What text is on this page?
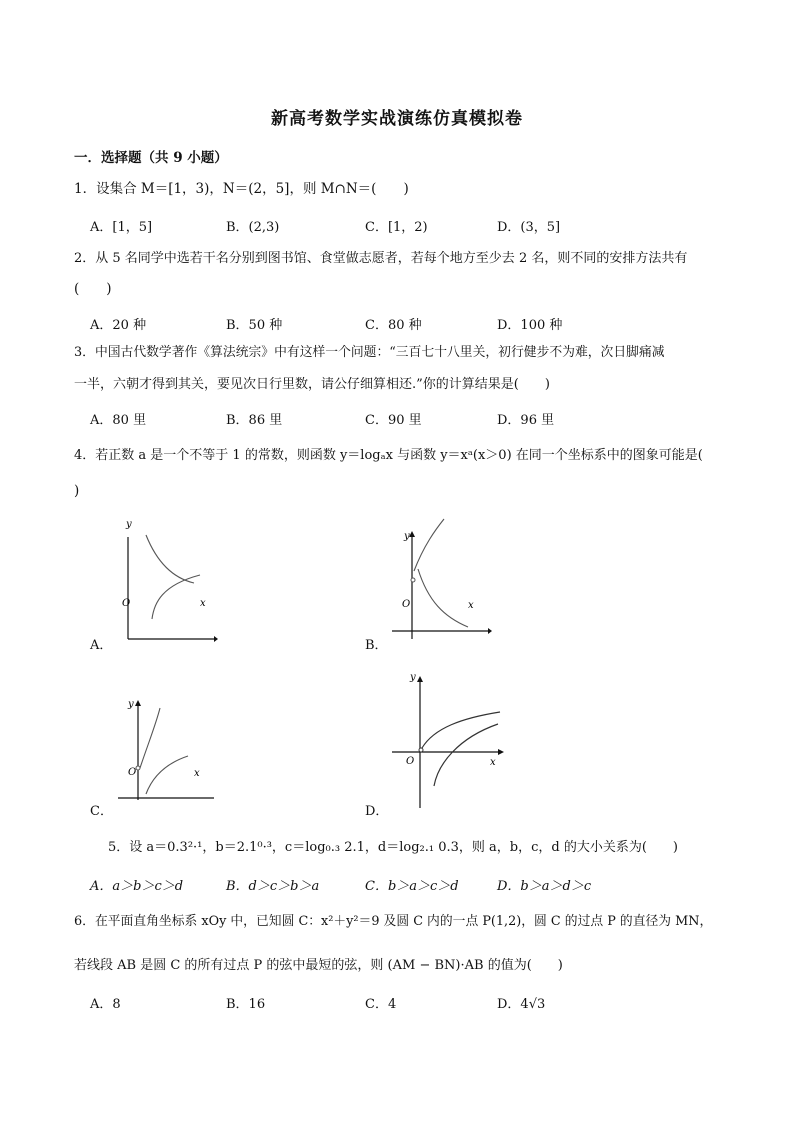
新高考数学实战演练仿真模拟卷
一．选择题（共 9 小题）
1．设集合 M＝[1，3)，N＝(2，5]，则 M∩N＝(　　)
A．[1，5]	B．(2,3)	C．[1，2)	D．(3，5]
2．从 5 名同学中选若干名分别到图书馆、食堂做志愿者，若每个地方至少去 2 名，则不同的安排方法共有
(　　)
A．20 种	B．50 种	C．80 种	D．100 种
3．中国古代数学著作《算法统宗》中有这样一个问题：“三百七十八里关，初行健步不为难，次日脚痛减
一半，六朝才得到其关，要见次日行里数，请公仔细算相还.”你的计算结果是(　　)
A．80 里	B．86 里	C．90 里	D．96 里
4．若正数 a 是一个不等于 1 的常数，则函数 y＝logₐx 与函数 y＝xᵃ(x＞0) 在同一个坐标系中的图象可能是(
)
y
O	x
A．
y
O	x
B．
y
O	x
C．
y
O	x
D．
5．设 a＝0.3²·¹，b＝2.1⁰·³，c＝log₀.₃ 2.1，d＝log₂.₁ 0.3，则 a，b，c，d 的大小关系为(　　)
A．a＞b＞c＞d	B．d＞c＞b＞a	C．b＞a＞c＞d	D．b＞a＞d＞c
6．在平面直角坐标系 xOy 中，已知圆 C：x²＋y²＝9 及圆 C 内的一点 P(1,2)，圆 C 的过点 P 的直径为 MN，
若线段 AB 是圆 C 的所有过点 P 的弦中最短的弦，则 (AM − BN)·AB 的值为(　　)
A．8	B．16	C．4	D．4√3
